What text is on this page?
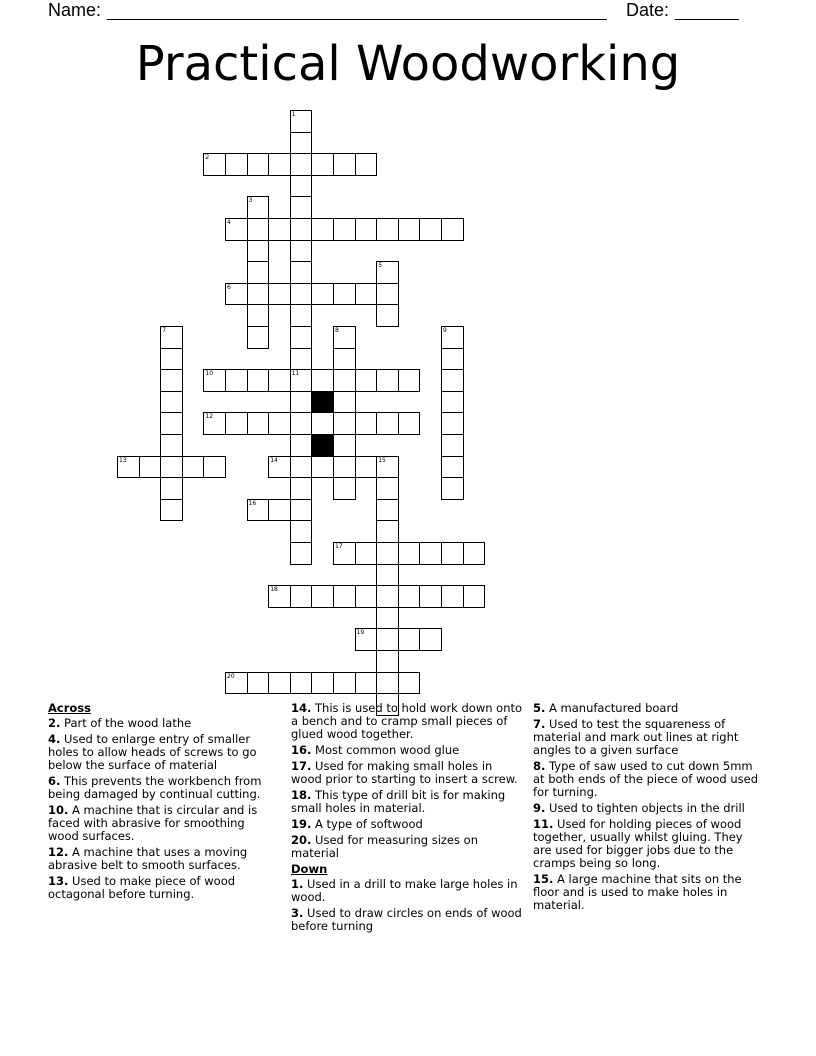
Name:	Date:
Practical Woodworking
1
11
2
3
4
5
6
7	8	9
10
12
13	14	15
16
17
18
19
20
Across
2. Part of the wood lathe
4. Used to enlarge entry of smaller holes to allow heads of screws to go below the surface of material
6. This prevents the workbench from being damaged by continual cutting.
10. A machine that is circular and is faced with abrasive for smoothing wood surfaces.
12. A machine that uses a moving abrasive belt to smooth surfaces.
13. Used to make piece of wood octagonal before turning.
14. This is used to hold work down onto a bench and to cramp small pieces of glued wood together.
16. Most common wood glue
17. Used for making small holes in wood prior to starting to insert a screw.
18. This type of drill bit is for making small holes in material.
19. A type of softwood
20. Used for measuring sizes on material
Down
1. Used in a drill to make large holes in wood.
3. Used to draw circles on ends of wood before turning
5. A manufactured board
7. Used to test the squareness of material and mark out lines at right angles to a given surface
8. Type of saw used to cut down 5mm at both ends of the piece of wood used for turning.
9. Used to tighten objects in the drill
11. Used for holding pieces of wood together, usually whilst gluing. They are used for bigger jobs due to the cramps being so long.
15. A large machine that sits on the floor and is used to make holes in material.
